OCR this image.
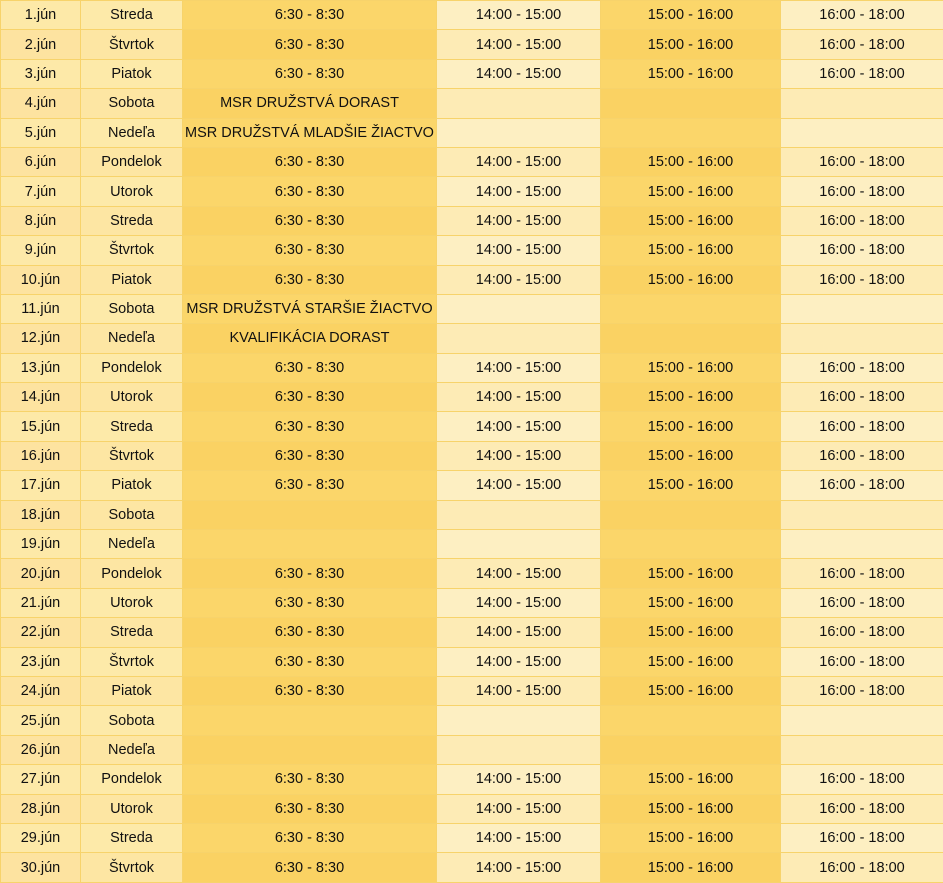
1.jún	Streda	6:30 - 8:30	14:00 - 15:00	15:00 - 16:00	16:00 - 18:00
2.jún	Štvrtok	6:30 - 8:30	14:00 - 15:00	15:00 - 16:00	16:00 - 18:00
3.jún	Piatok	6:30 - 8:30	14:00 - 15:00	15:00 - 16:00	16:00 - 18:00
4.jún	Sobota	MSR DRUŽSTVÁ DORAST			
5.jún	Nedeľa	MSR DRUŽSTVÁ MLADŠIE ŽIACTVO			
6.jún	Pondelok	6:30 - 8:30	14:00 - 15:00	15:00 - 16:00	16:00 - 18:00
7.jún	Utorok	6:30 - 8:30	14:00 - 15:00	15:00 - 16:00	16:00 - 18:00
8.jún	Streda	6:30 - 8:30	14:00 - 15:00	15:00 - 16:00	16:00 - 18:00
9.jún	Štvrtok	6:30 - 8:30	14:00 - 15:00	15:00 - 16:00	16:00 - 18:00
10.jún	Piatok	6:30 - 8:30	14:00 - 15:00	15:00 - 16:00	16:00 - 18:00
11.jún	Sobota	MSR DRUŽSTVÁ STARŠIE ŽIACTVO			
12.jún	Nedeľa	KVALIFIKÁCIA DORAST			
13.jún	Pondelok	6:30 - 8:30	14:00 - 15:00	15:00 - 16:00	16:00 - 18:00
14.jún	Utorok	6:30 - 8:30	14:00 - 15:00	15:00 - 16:00	16:00 - 18:00
15.jún	Streda	6:30 - 8:30	14:00 - 15:00	15:00 - 16:00	16:00 - 18:00
16.jún	Štvrtok	6:30 - 8:30	14:00 - 15:00	15:00 - 16:00	16:00 - 18:00
17.jún	Piatok	6:30 - 8:30	14:00 - 15:00	15:00 - 16:00	16:00 - 18:00
18.jún	Sobota				
19.jún	Nedeľa				
20.jún	Pondelok	6:30 - 8:30	14:00 - 15:00	15:00 - 16:00	16:00 - 18:00
21.jún	Utorok	6:30 - 8:30	14:00 - 15:00	15:00 - 16:00	16:00 - 18:00
22.jún	Streda	6:30 - 8:30	14:00 - 15:00	15:00 - 16:00	16:00 - 18:00
23.jún	Štvrtok	6:30 - 8:30	14:00 - 15:00	15:00 - 16:00	16:00 - 18:00
24.jún	Piatok	6:30 - 8:30	14:00 - 15:00	15:00 - 16:00	16:00 - 18:00
25.jún	Sobota				
26.jún	Nedeľa				
27.jún	Pondelok	6:30 - 8:30	14:00 - 15:00	15:00 - 16:00	16:00 - 18:00
28.jún	Utorok	6:30 - 8:30	14:00 - 15:00	15:00 - 16:00	16:00 - 18:00
29.jún	Streda	6:30 - 8:30	14:00 - 15:00	15:00 - 16:00	16:00 - 18:00
30.jún	Štvrtok	6:30 - 8:30	14:00 - 15:00	15:00 - 16:00	16:00 - 18:00
